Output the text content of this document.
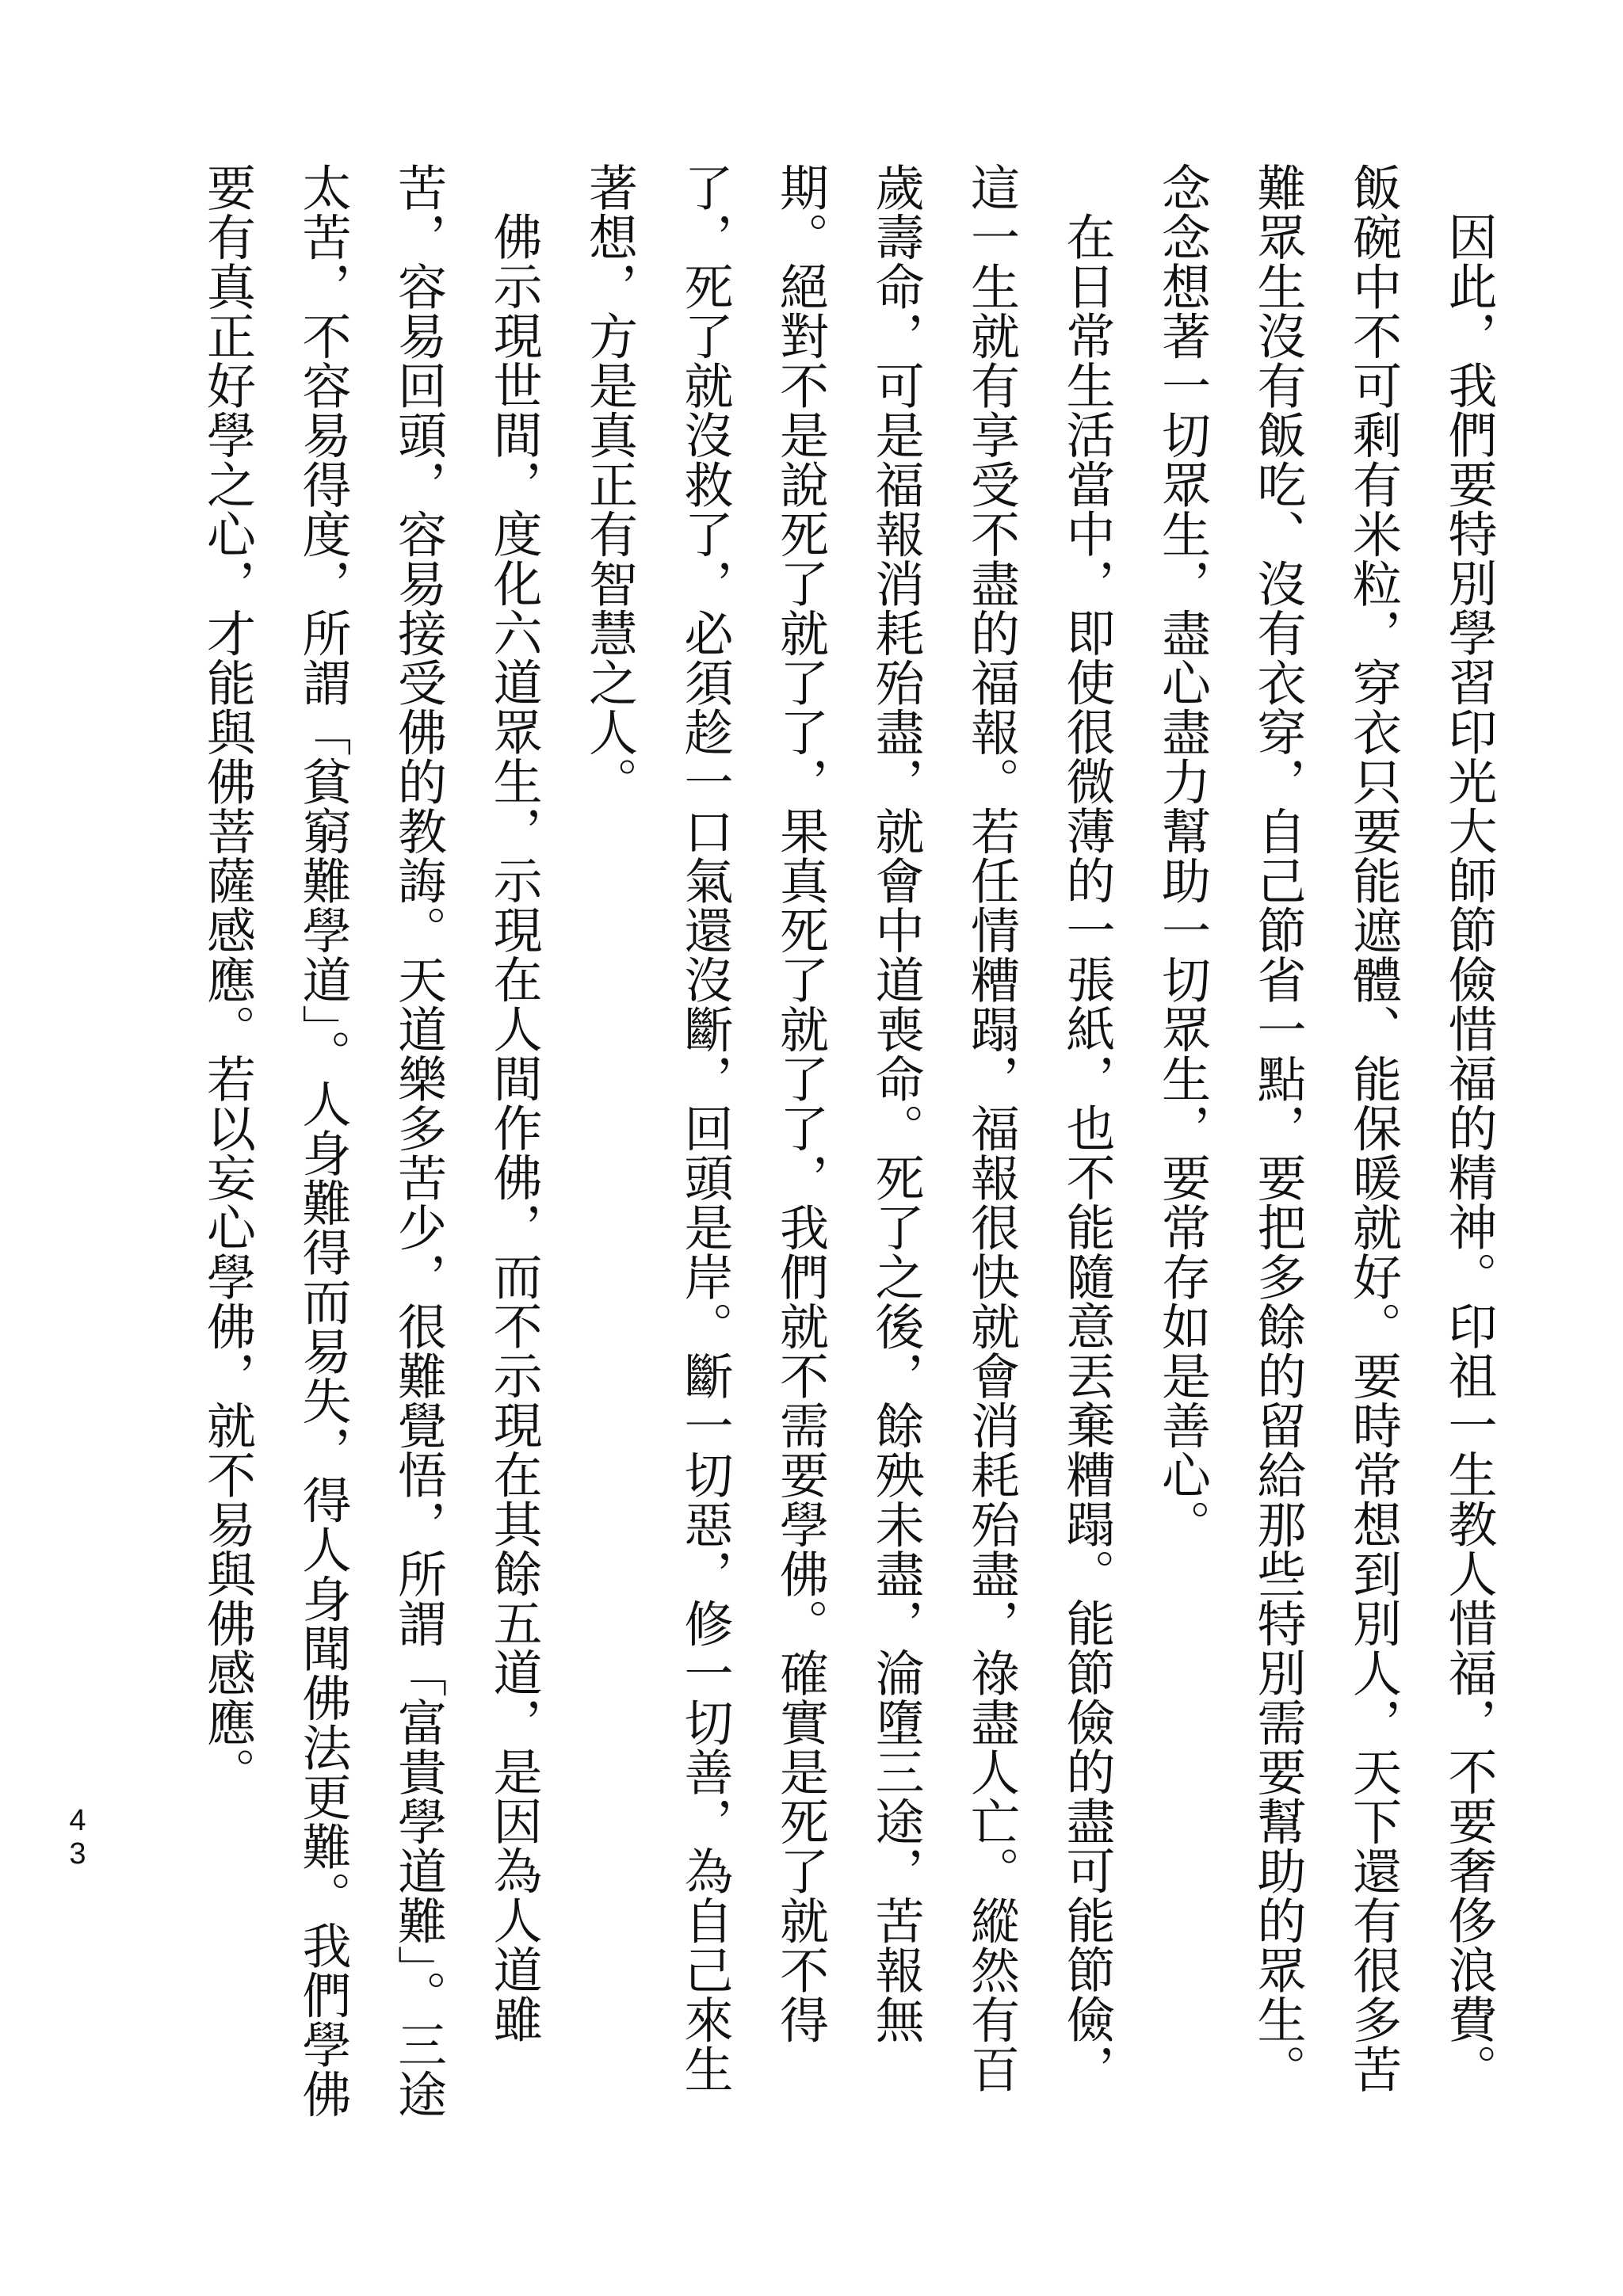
因此，我們要特別學習印光大師節儉惜福的精神。印祖一生教人惜福，不要奢侈浪費。飯碗中不可剩有米粒，穿衣只要能遮體、能保暖就好。要時常想到別人，天下還有很多苦難眾生沒有飯吃、沒有衣穿，自己節省一點，要把多餘的留給那些特別需要幫助的眾生。念念想著一切眾生，盡心盡力幫助一切眾生，要常存如是善心。

在日常生活當中，即使很微薄的一張紙，也不能隨意丟棄糟蹋。能節儉的盡可能節儉，這一生就有享受不盡的福報。若任情糟蹋，福報很快就會消耗殆盡，祿盡人亡。縱然有百歲壽命，可是福報消耗殆盡，就會中道喪命。死了之後，餘殃未盡，淪墮三途，苦報無期。絕對不是說死了就了了，果真死了就了了，我們就不需要學佛。確實是死了就不得了，死了就沒救了，必須趁一口氣還沒斷，回頭是岸。斷一切惡，修一切善，為自己來生著想，方是真正有智慧之人。

佛示現世間，度化六道眾生，示現在人間作佛，而不示現在其餘五道，是因為人道雖苦，容易回頭，容易接受佛的教誨。天道樂多苦少，很難覺悟，所謂「富貴學道難」。三途太苦，不容易得度，所謂「貧窮難學道」。人身難得而易失，得人身聞佛法更難。我們學佛要有真正好學之心，才能與佛菩薩感應。若以妄心學佛，就不易與佛感應。

43
